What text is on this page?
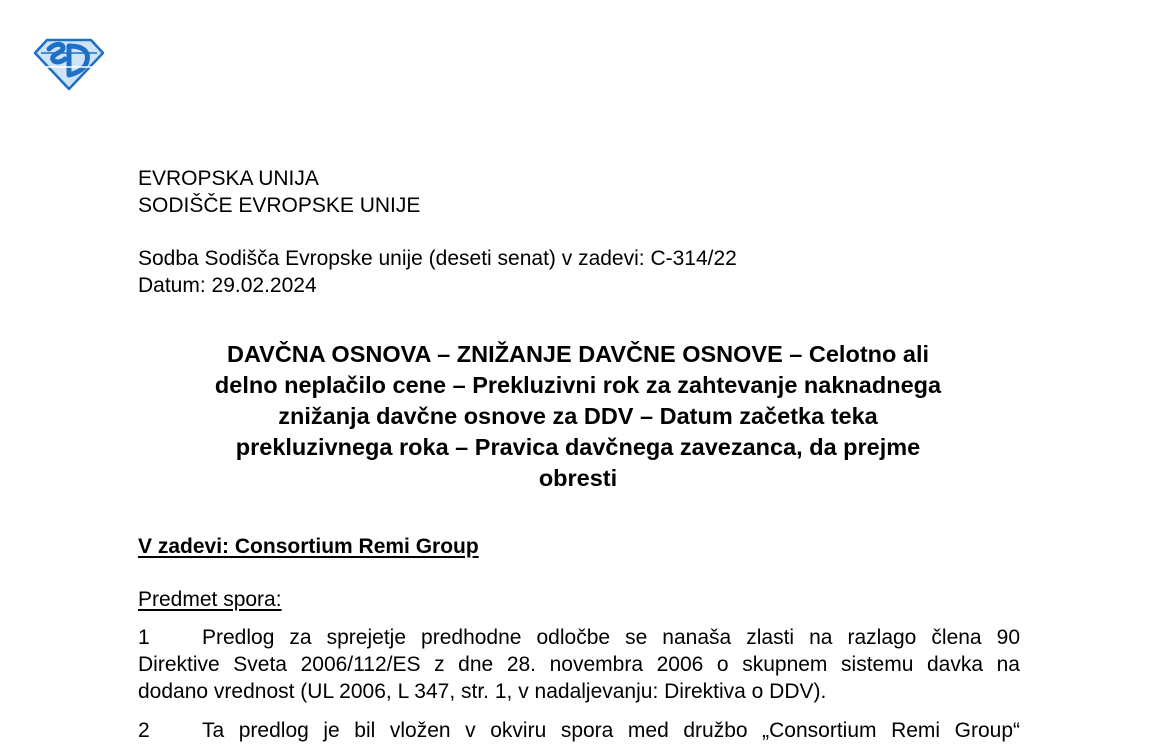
EVROPSKA UNIJA
SODIŠČE EVROPSKE UNIJE
Sodba Sodišča Evropske unije (deseti senat) v zadevi: C-314/22
Datum: 29.02.2024
DAVČNA OSNOVA – ZNIŽANJE DAVČNE OSNOVE – Celotno ali
delno neplačilo cene – Prekluzivni rok za zahtevanje naknadnega
znižanja davčne osnove za DDV – Datum začetka teka
prekluzivnega roka – Pravica davčnega zavezanca, da prejme
obresti
V zadevi: Consortium Remi Group
Predmet spora:
1 Predlog za sprejetje predhodne odločbe se nanaša zlasti na razlago člena 90
Direktive Sveta 2006/112/ES z dne 28. novembra 2006 o skupnem sistemu davka na
dodano vrednost (UL 2006, L 347, str. 1, v nadaljevanju: Direktiva o DDV).
2 Ta predlog je bil vložen v okviru spora med družbo „Consortium Remi Group“
